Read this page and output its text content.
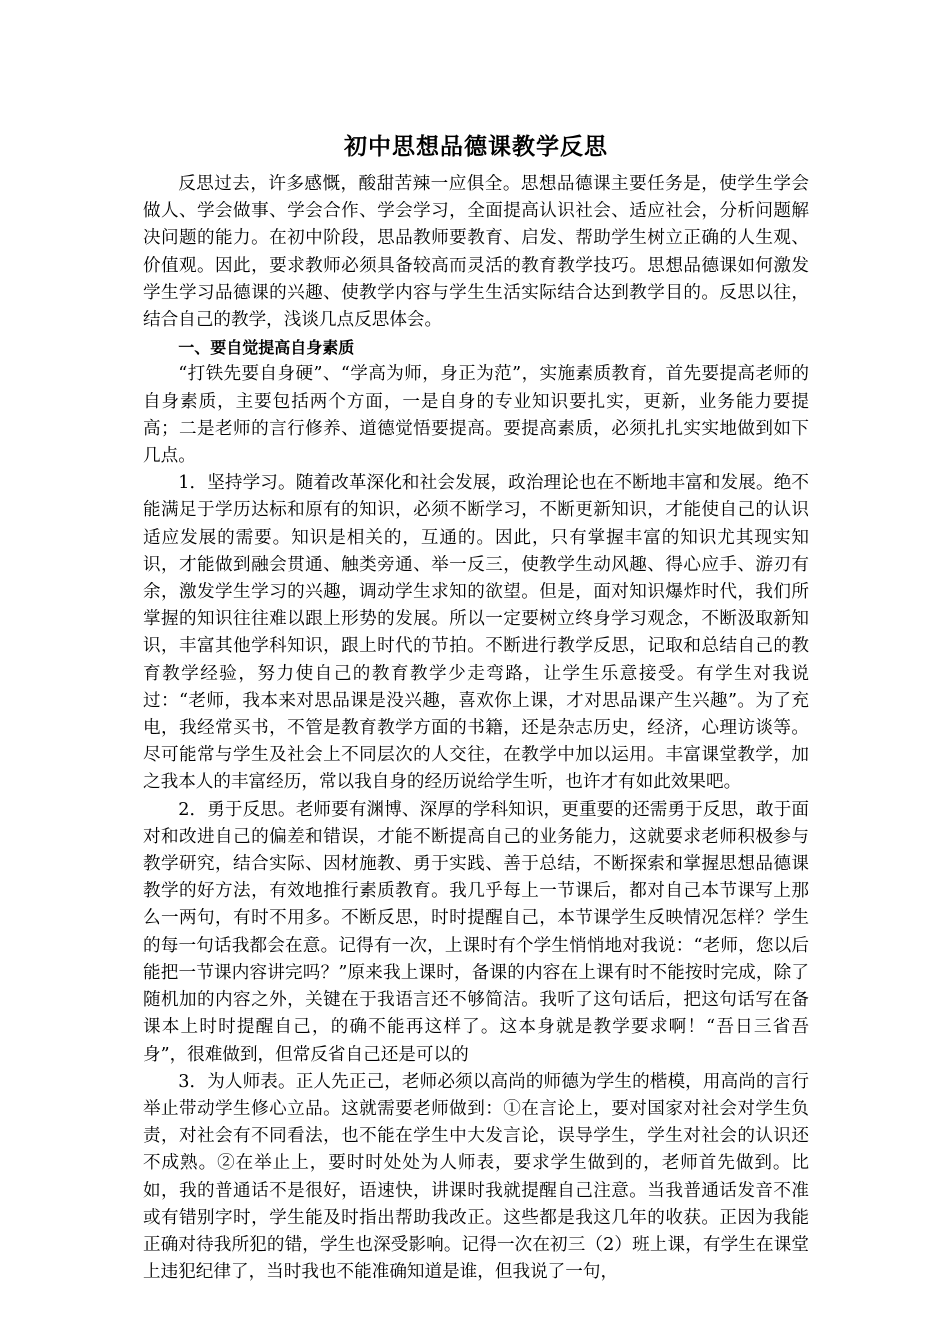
初中思想品德课教学反思

反思过去，许多感慨，酸甜苦辣一应俱全。思想品德课主要任务是，使学生学会做人、学会做事、学会合作、学会学习，全面提高认识社会、适应社会，分析问题解决问题的能力。在初中阶段，思品教师要教育、启发、帮助学生树立正确的人生观、价值观。因此，要求教师必须具备较高而灵活的教育教学技巧。思想品德课如何激发学生学习品德课的兴趣、使教学内容与学生生活实际结合达到教学目的。反思以往，结合自己的教学，浅谈几点反思体会。

一、要自觉提高自身素质

“打铁先要自身硬”、“学高为师，身正为范”，实施素质教育，首先要提高老师的自身素质，主要包括两个方面，一是自身的专业知识要扎实，更新，业务能力要提高；二是老师的言行修养、道德觉悟要提高。要提高素质，必须扎扎实实地做到如下几点。

1．坚持学习。随着改革深化和社会发展，政治理论也在不断地丰富和发展。绝不能满足于学历达标和原有的知识，必须不断学习，不断更新知识，才能使自己的认识适应发展的需要。知识是相关的，互通的。因此，只有掌握丰富的知识尤其现实知识，才能做到融会贯通、触类旁通、举一反三，使教学生动风趣、得心应手、游刃有余，激发学生学习的兴趣，调动学生求知的欲望。但是，面对知识爆炸时代，我们所掌握的知识往往难以跟上形势的发展。所以一定要树立终身学习观念，不断汲取新知识，丰富其他学科知识，跟上时代的节拍。不断进行教学反思，记取和总结自己的教育教学经验，努力使自己的教育教学少走弯路，让学生乐意接受。有学生对我说过：“老师，我本来对思品课是没兴趣，喜欢你上课，才对思品课产生兴趣”。为了充电，我经常买书，不管是教育教学方面的书籍，还是杂志历史，经济，心理访谈等。尽可能常与学生及社会上不同层次的人交往，在教学中加以运用。丰富课堂教学，加之我本人的丰富经历，常以我自身的经历说给学生听，也许才有如此效果吧。

2．勇于反思。老师要有渊博、深厚的学科知识，更重要的还需勇于反思，敢于面对和改进自己的偏差和错误，才能不断提高自己的业务能力，这就要求老师积极参与教学研究，结合实际、因材施教、勇于实践、善于总结，不断探索和掌握思想品德课教学的好方法，有效地推行素质教育。我几乎每上一节课后，都对自己本节课写上那么一两句，有时不用多。不断反思，时时提醒自己，本节课学生反映情况怎样？学生的每一句话我都会在意。记得有一次，上课时有个学生悄悄地对我说：“老师，您以后能把一节课内容讲完吗？”原来我上课时，备课的内容在上课有时不能按时完成，除了随机加的内容之外，关键在于我语言还不够简洁。我听了这句话后，把这句话写在备课本上时时提醒自己，的确不能再这样了。这本身就是教学要求啊！“吾日三省吾身”，很难做到，但常反省自己还是可以的

3．为人师表。正人先正己，老师必须以高尚的师德为学生的楷模，用高尚的言行举止带动学生修心立品。这就需要老师做到：①在言论上，要对国家对社会对学生负责，对社会有不同看法，也不能在学生中大发言论，误导学生，学生对社会的认识还不成熟。②在举止上，要时时处处为人师表，要求学生做到的，老师首先做到。比如，我的普通话不是很好，语速快，讲课时我就提醒自己注意。当我普通话发音不准或有错别字时，学生能及时指出帮助我改正。这些都是我这几年的收获。正因为我能正确对待我所犯的错，学生也深受影响。记得一次在初三（2）班上课，有学生在课堂上违犯纪律了，当时我也不能准确知道是谁，但我说了一句，
